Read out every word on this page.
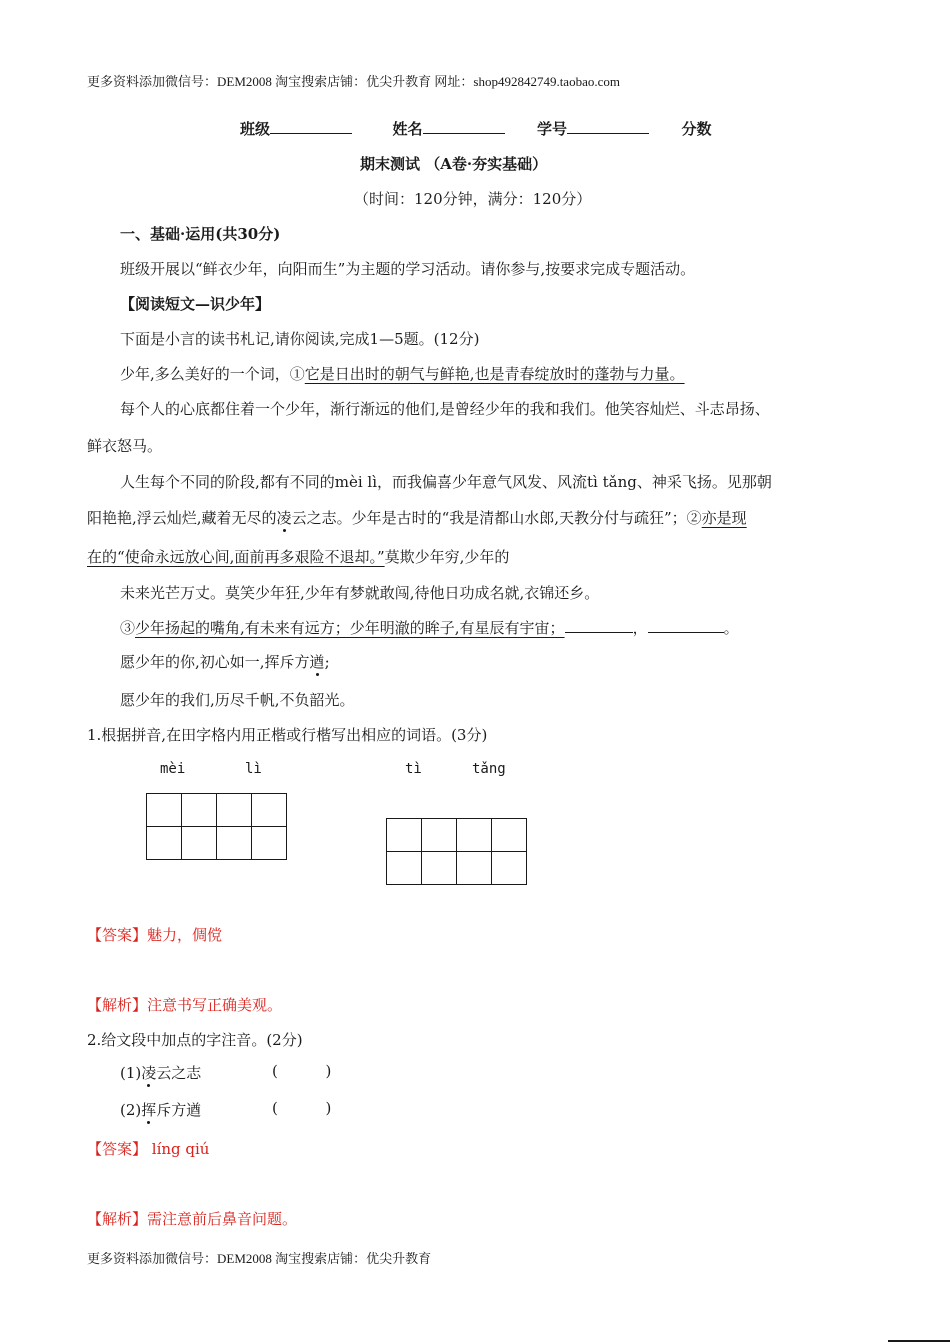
更多资料添加微信号：DEM2008 淘宝搜索店铺：优尖升教育 网址：shop492842749.taobao.com
班级	姓名	学号	分数
期末测试 （A卷·夯实基础）
（时间：120分钟，满分：120分）
一、基础·运用(共30分)
班级开展以“鲜衣少年，向阳而生”为主题的学习活动。请你参与,按要求完成专题活动。
【阅读短文—识少年】
下面是小言的读书札记,请你阅读,完成1—5题。(12分)
少年,多么美好的一个词，①它是日出时的朝气与鲜艳,也是青春绽放时的蓬勃与力量。
每个人的心底都住着一个少年，渐行渐远的他们,是曾经少年的我和我们。他笑容灿烂、斗志昂扬、
鲜衣怒马。
人生每个不同的阶段,都有不同的mèi lì，而我偏喜少年意气风发、风流tì tǎng、神采飞扬。见那朝
阳艳艳,浮云灿烂,藏着无尽的凌云之志。少年是古时的“我是清都山水郎,天教分付与疏狂”；②亦是现
在的“使命永远放心间,面前再多艰险不退却。”莫欺少年穷,少年的
未来光芒万丈。莫笑少年狂,少年有梦就敢闯,待他日功成名就,衣锦还乡。
③少年扬起的嘴角,有未来有远方；少年明澈的眸子,有星辰有宇宙；	，	。
愿少年的你,初心如一,挥斥方遒;
愿少年的我们,历尽千帆,不负韶光。
1.根据拼音,在田字格内用正楷或行楷写出相应的词语。(3分)
mèi	lì	tì	tǎng

【答案】魅力，倜傥
【解析】注意书写正确美观。
2.给文段中加点的字注音。(2分)
(1)凌云之志	(          )
(2)挥斥方遒	(          )
【答案】 líng qiú
【解析】需注意前后鼻音问题。
更多资料添加微信号：DEM2008 淘宝搜索店铺：优尖升教育
